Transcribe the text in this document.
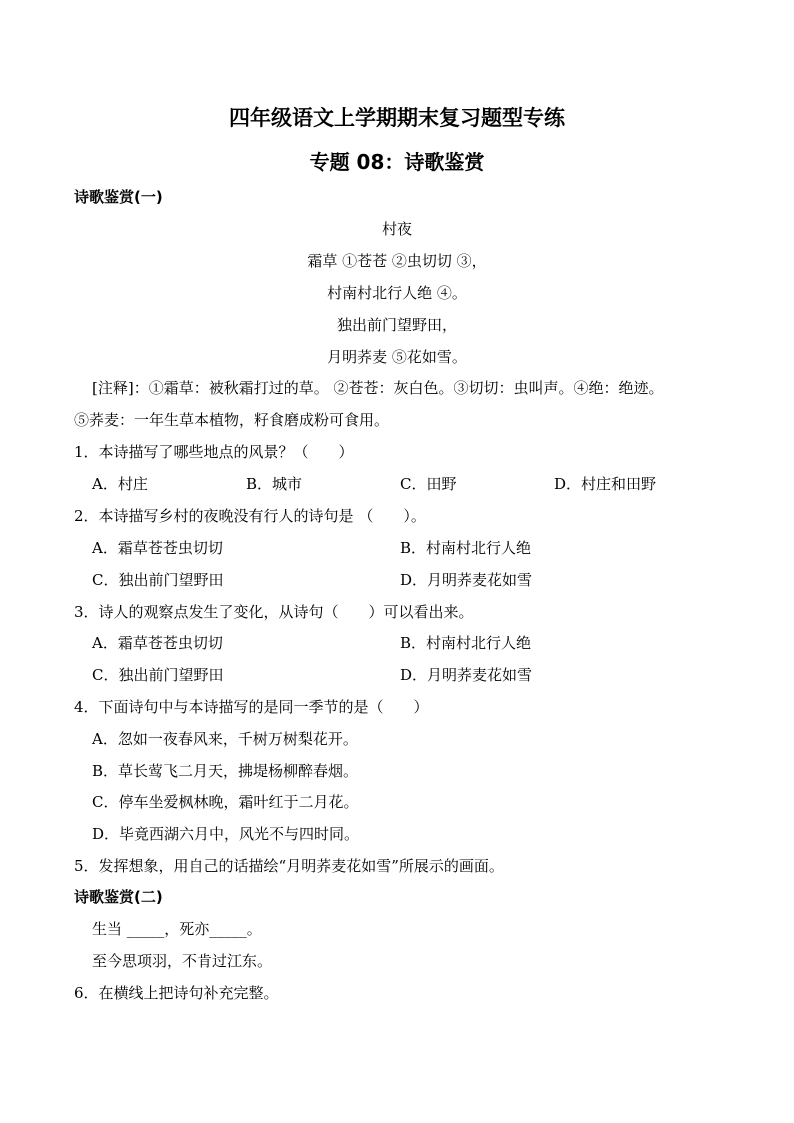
四年级语文上学期期末复习题型专练
专题 08：诗歌鉴赏
诗歌鉴赏(一)
村夜
霜草 ①苍苍 ②虫切切 ③，
村南村北行人绝 ④。
独出前门望野田，
月明荞麦 ⑤花如雪。
[注释]：①霜草：被秋霜打过的草。 ②苍苍：灰白色。③切切：虫叫声。④绝：绝迹。
⑤荞麦：一年生草本植物，籽食磨成粉可食用。
1．本诗描写了哪些地点的风景？（　　）
A．村庄	B．城市	C．田野	D．村庄和田野
2．本诗描写乡村的夜晚没有行人的诗句是 （　　）。
A．霜草苍苍虫切切	B．村南村北行人绝
C．独出前门望野田	D．月明荞麦花如雪
3．诗人的观察点发生了变化，从诗句（　　）可以看出来。
A．霜草苍苍虫切切	B．村南村北行人绝
C．独出前门望野田	D．月明荞麦花如雪
4．下面诗句中与本诗描写的是同一季节的是（　　）
A．忽如一夜春风来，千树万树梨花开。
B．草长莺飞二月天，拂堤杨柳醉春烟。
C．停车坐爱枫林晚，霜叶红于二月花。
D．毕竟西湖六月中，风光不与四时同。
5．发挥想象，用自己的话描绘“月明荞麦花如雪”所展示的画面。
诗歌鉴赏(二)
生当 _____，死亦_____。
至今思项羽，不肯过江东。
6．在横线上把诗句补充完整。
